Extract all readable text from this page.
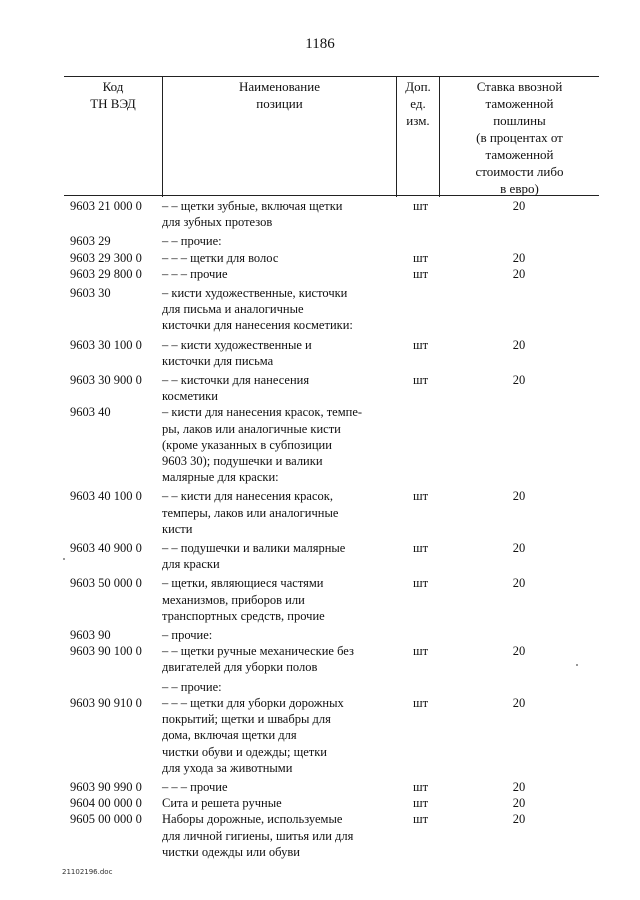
1186
Код
ТН ВЭД
Наименование
позиции
Доп.
ед.
изм.
Ставка ввозной
таможенной
пошлины
(в процентах от
таможенной
стоимости либо
в евро)
9603 21 000 0	– – щетки зубные, включая щетки
для зубных протезов
шт	20
9603 29	– – прочие:
9603 29 300 0	– – – щетки для волос	шт	20
9603 29 800 0	– – – прочие	шт	20
9603 30	– кисти художественные, кисточки
для письма и аналогичные
кисточки для нанесения косметики:
9603 30 100 0	– – кисти художественные и
кисточки для письма
шт	20
9603 30 900 0	– – кисточки для нанесения
косметики
шт	20
9603 40	– кисти для нанесения красок, темпе-
ры, лаков или аналогичные кисти
(кроме указанных в субпозиции
9603 30); подушечки и валики
малярные для краски:
9603 40 100 0	– – кисти для нанесения красок,
темперы, лаков или аналогичные
кисти
шт	20
9603 40 900 0	– – подушечки и валики малярные
для краски
шт	20
9603 50 000 0	– щетки, являющиеся частями
механизмов, приборов или
транспортных средств, прочие
шт	20
9603 90	– прочие:
9603 90 100 0	– – щетки ручные механические без
двигателей для уборки полов
шт	20
– – прочие:
9603 90 910 0	– – – щетки для уборки дорожных
покрытий; щетки и швабры для
дома, включая щетки для
чистки обуви и одежды; щетки
для ухода за животными
шт	20
9603 90 990 0	– – – прочие	шт	20
9604 00 000 0	Сита и решета ручные	шт	20
9605 00 000 0	Наборы дорожные, используемые
для личной гигиены, шитья или для
чистки одежды или обуви
шт	20
21102196.doc
